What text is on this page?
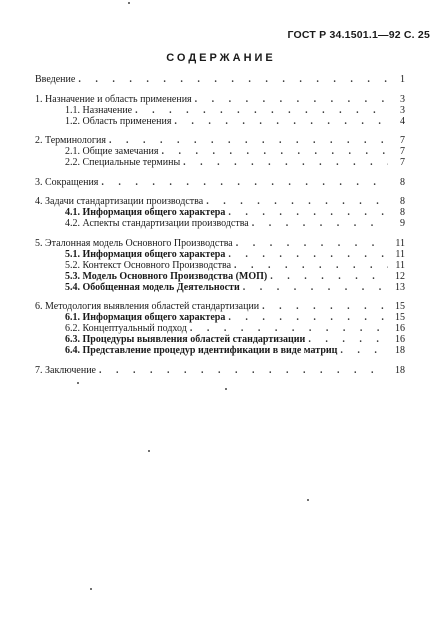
ГОСТ Р 34.1501.1—92 С. 25
СОДЕРЖАНИЕ
Введение . . .	1
1. Назначение и область применения . . .	3
1.1. Назначение . . .	3
1.2. Область применения . . .	4
2. Терминология . . .	7
2.1. Общие замечания . . .	7
2.2. Специальные термины . . .	7
3. Сокращения . . .	8
4. Задачи стандартизации производства . . .	8
4.1. Информация общего характера . . .	8
4.2. Аспекты стандартизации производства . . .	9
5. Эталонная модель Основного Производства . . .	11
5.1. Информация общего характера . . .	11
5.2. Контекст Основного Производства . . .	11
5.3. Модель Основного Производства (МОП) . . .	12
5.4. Обобщенная модель Деятельности . . .	13
6. Методология выявления областей стандартизации . . .	15
6.1. Информация общего характера . . .	15
6.2. Концептуальный подход . . .	16
6.3. Процедуры выявления областей стандартизации . . .	16
6.4. Представление процедур идентификации в виде матриц . . .	18
7. Заключение . . .	18
